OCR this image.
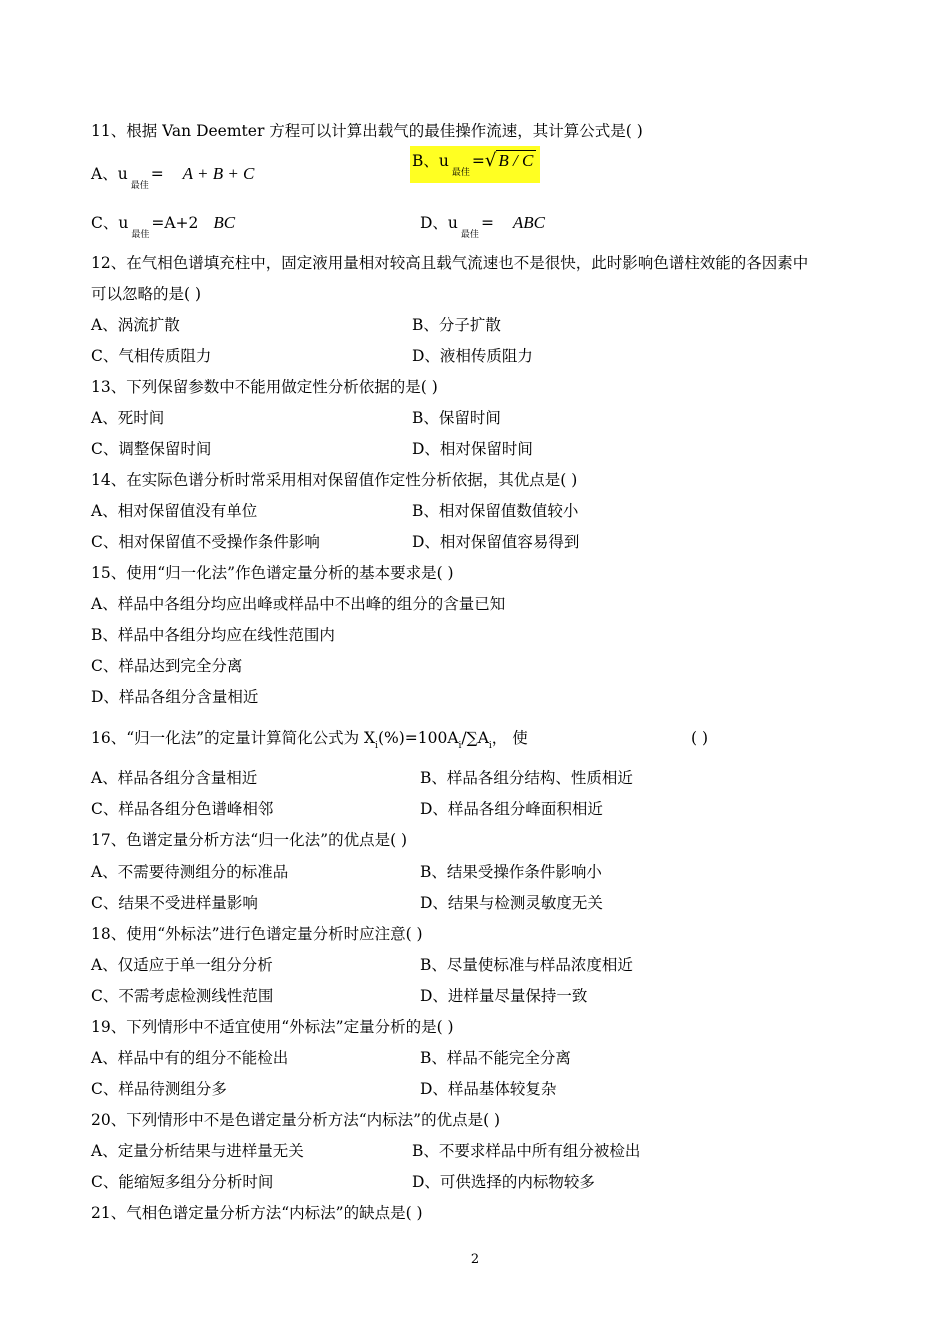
11、根据 Van Deemter 方程可以计算出载气的最佳操作流速，其计算公式是( )
A、$u_{最佳}= A + B + C$
B、$u_{最佳}=√$ B / C
C、$u_{最佳}=A+2$ BC	D、$u_{最佳}=$ ABC
12、在气相色谱填充柱中，固定液用量相对较高且载气流速也不是很快，此时影响色谱柱效能的各因素中
可以忽略的是( )
A、涡流扩散	B、分子扩散
C、气相传质阻力	D、液相传质阻力
13、下列保留参数中不能用做定性分析依据的是( )
A、死时间	B、保留时间
C、调整保留时间	D、相对保留时间
14、在实际色谱分析时常采用相对保留值作定性分析依据，其优点是( )
A、相对保留值没有单位	B、相对保留值数值较小
C、相对保留值不受操作条件影响	D、相对保留值容易得到
15、使用“归一化法”作色谱定量分析的基本要求是( )
A、样品中各组分均应出峰或样品中不出峰的组分的含量已知
B、样品中各组分均应在线性范围内
C、样品达到完全分离
D、样品各组分含量相近
16、“归一化法”的定量计算简化公式为 $X_i(\%)=100A_i/\sum A_i$， 使	( )
A、样品各组分含量相近	B、样品各组分结构、性质相近
C、样品各组分色谱峰相邻	D、样品各组分峰面积相近
17、色谱定量分析方法“归一化法”的优点是( )
A、不需要待测组分的标准品	B、结果受操作条件影响小
C、结果不受进样量影响	D、结果与检测灵敏度无关
18、使用“外标法”进行色谱定量分析时应注意( )
A、仅适应于单一组分分析	B、尽量使标准与样品浓度相近
C、不需考虑检测线性范围	D、进样量尽量保持一致
19、下列情形中不适宜使用“外标法”定量分析的是( )
A、样品中有的组分不能检出	B、样品不能完全分离
C、样品待测组分多	D、样品基体较复杂
20、下列情形中不是色谱定量分析方法“内标法”的优点是( )
A、定量分析结果与进样量无关	B、不要求样品中所有组分被检出
C、能缩短多组分分析时间	D、可供选择的内标物较多
21、气相色谱定量分析方法“内标法”的缺点是( )
2
